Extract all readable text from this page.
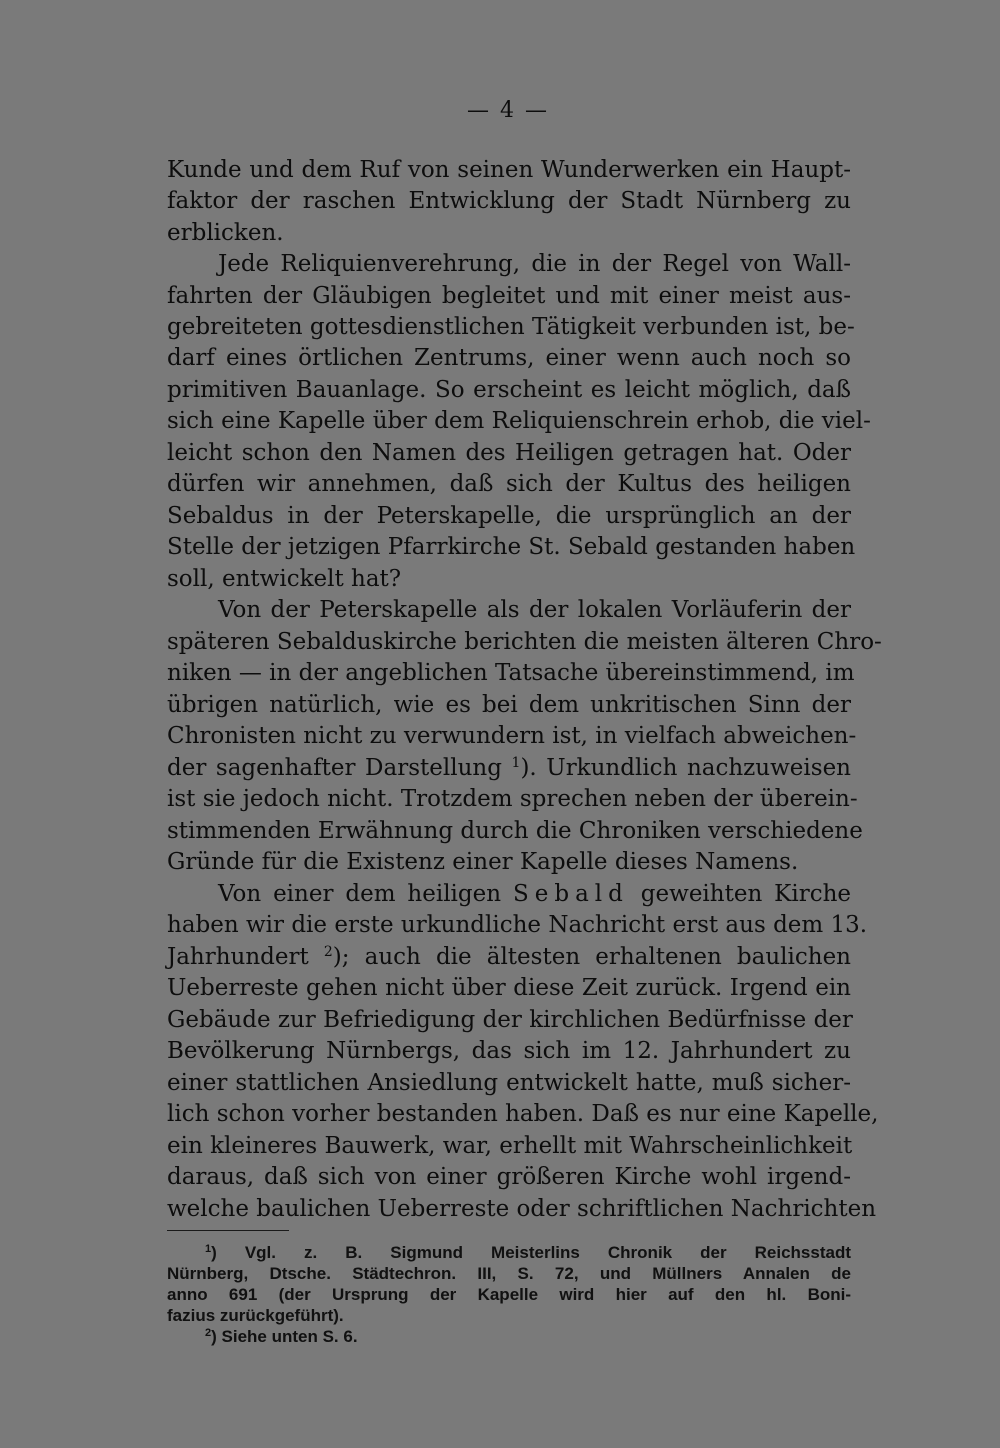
— 4 —
Kunde und dem Ruf von seinen Wunderwerken ein Haupt-
faktor der raschen Entwicklung der Stadt Nürnberg zu
erblicken.
Jede Reliquienverehrung, die in der Regel von Wall-
fahrten der Gläubigen begleitet und mit einer meist aus-
gebreiteten gottesdienstlichen Tätigkeit verbunden ist, be-
darf eines örtlichen Zentrums, einer wenn auch noch so
primitiven Bauanlage. So erscheint es leicht möglich, daß
sich eine Kapelle über dem Reliquienschrein erhob, die viel-
leicht schon den Namen des Heiligen getragen hat. Oder
dürfen wir annehmen, daß sich der Kultus des heiligen
Sebaldus in der Peterskapelle, die ursprünglich an der
Stelle der jetzigen Pfarrkirche St. Sebald gestanden haben
soll, entwickelt hat?
Von der Peterskapelle als der lokalen Vorläuferin der
späteren Sebalduskirche berichten die meisten älteren Chro-
niken — in der angeblichen Tatsache übereinstimmend, im
übrigen natürlich, wie es bei dem unkritischen Sinn der
Chronisten nicht zu verwundern ist, in vielfach abweichen-
der sagenhafter Darstellung $^1$). Urkundlich nachzuweisen
ist sie jedoch nicht. Trotzdem sprechen neben der überein-
stimmenden Erwähnung durch die Chroniken verschiedene
Gründe für die Existenz einer Kapelle dieses Namens.
Von einer dem heiligen Sebald geweihten Kirche
haben wir die erste urkundliche Nachricht erst aus dem 13.
Jahrhundert $^2$); auch die ältesten erhaltenen baulichen
Ueberreste gehen nicht über diese Zeit zurück. Irgend ein
Gebäude zur Befriedigung der kirchlichen Bedürfnisse der
Bevölkerung Nürnbergs, das sich im 12. Jahrhundert zu
einer stattlichen Ansiedlung entwickelt hatte, muß sicher-
lich schon vorher bestanden haben. Daß es nur eine Kapelle,
ein kleineres Bauwerk, war, erhellt mit Wahrscheinlichkeit
daraus, daß sich von einer größeren Kirche wohl irgend-
welche baulichen Ueberreste oder schriftlichen Nachrichten
$^1$) Vgl. z. B. Sigmund Meisterlins Chronik der Reichsstadt
Nürnberg, Dtsche. Städtechron. III, S. 72, und Müllners Annalen de
anno 691 (der Ursprung der Kapelle wird hier auf den hl. Boni-
fazius zurückgeführt).
$^2$) Siehe unten S. 6.
